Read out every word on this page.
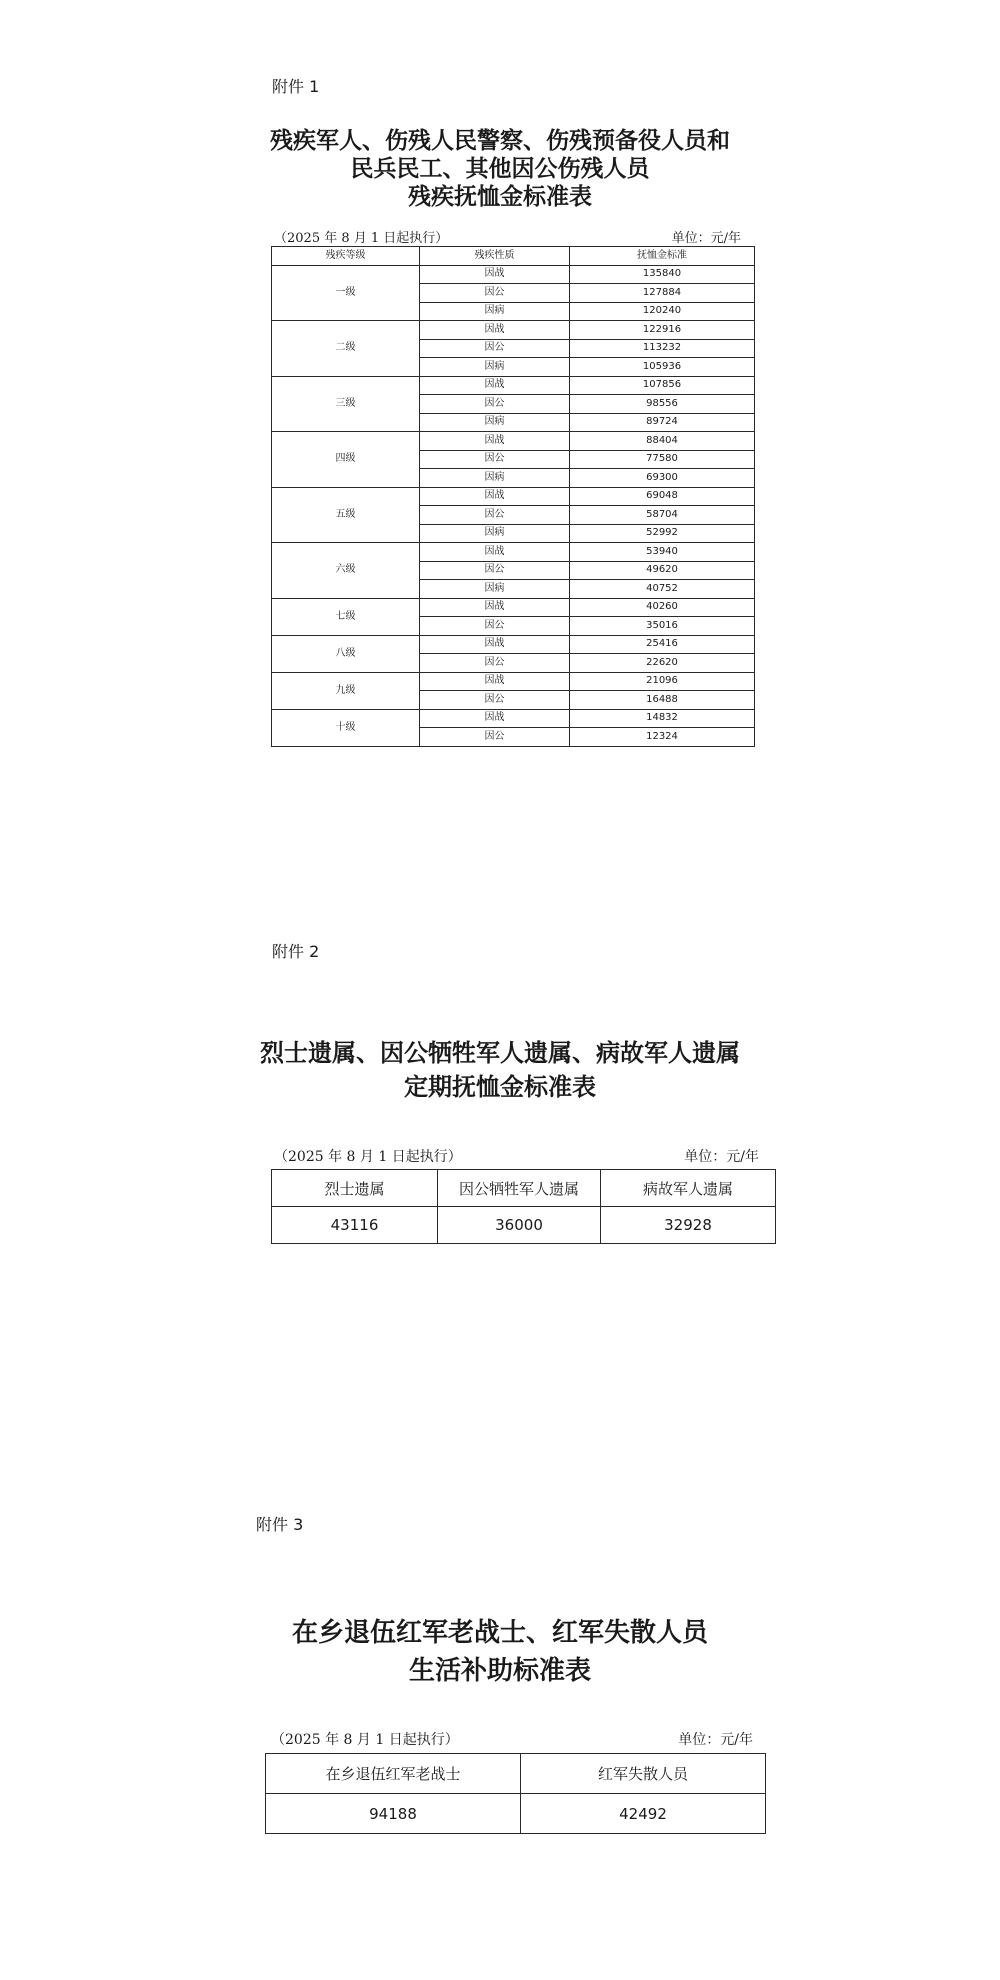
附件 1
残疾军人、伤残人民警察、伤残预备役人员和
民兵民工、其他因公伤残人员
残疾抚恤金标准表
（2025 年 8 月 1 日起执行）	单位：元/年
残疾等级	残疾性质	抚恤金标准
一级	因战	135840
	因公	127884
	因病	120240
二级	因战	122916
	因公	113232
	因病	105936
三级	因战	107856
	因公	98556
	因病	89724
四级	因战	88404
	因公	77580
	因病	69300
五级	因战	69048
	因公	58704
	因病	52992
六级	因战	53940
	因公	49620
	因病	40752
七级	因战	40260
	因公	35016
八级	因战	25416
	因公	22620
九级	因战	21096
	因公	16488
十级	因战	14832
	因公	12324
附件 2
烈士遗属、因公牺牲军人遗属、病故军人遗属
定期抚恤金标准表
（2025 年 8 月 1 日起执行）	单位：元/年
烈士遗属	因公牺牲军人遗属	病故军人遗属
43116	36000	32928
附件 3
在乡退伍红军老战士、红军失散人员
生活补助标准表
（2025 年 8 月 1 日起执行）	单位：元/年
在乡退伍红军老战士	红军失散人员
94188	42492
